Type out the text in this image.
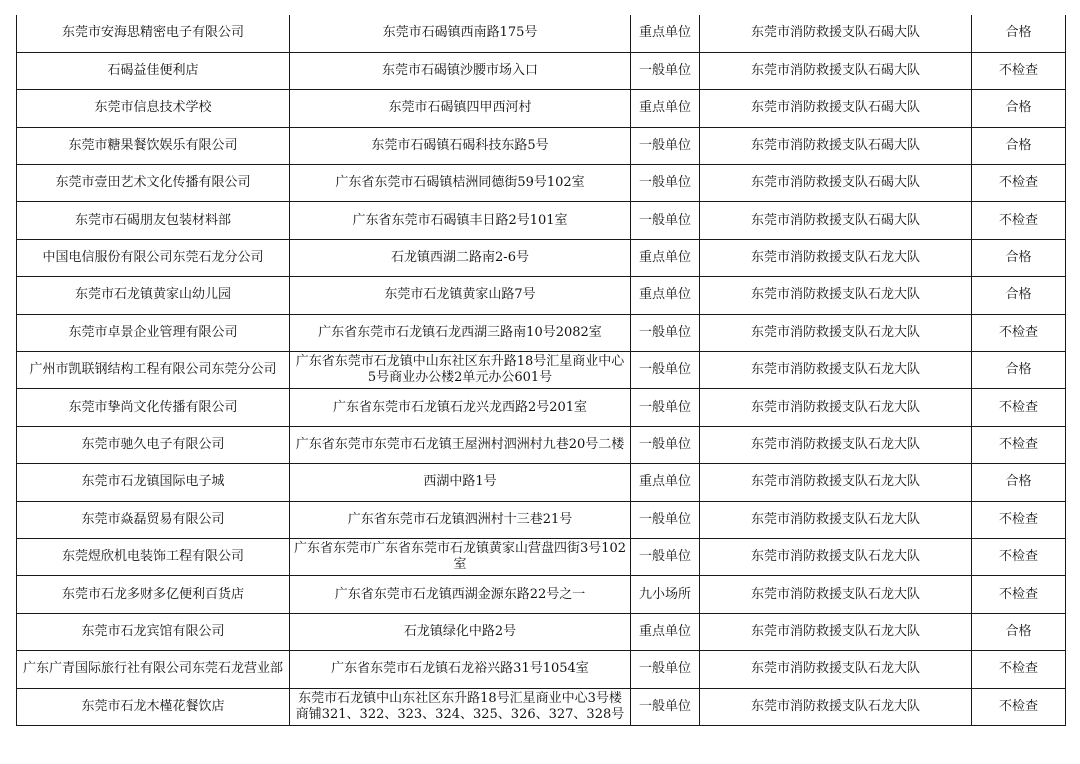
东莞市安海思精密电子有限公司	东莞市石碣镇西南路175号	重点单位	东莞市消防救援支队石碣大队	合格
石碣益佳便利店	东莞市石碣镇沙腰市场入口	一般单位	东莞市消防救援支队石碣大队	不检查
东莞市信息技术学校	东莞市石碣镇四甲西河村	重点单位	东莞市消防救援支队石碣大队	合格
东莞市糖果餐饮娱乐有限公司	东莞市石碣镇石碣科技东路5号	一般单位	东莞市消防救援支队石碣大队	合格
东莞市壹田艺术文化传播有限公司	广东省东莞市石碣镇桔洲同德街59号102室	一般单位	东莞市消防救援支队石碣大队	不检查
东莞市石碣朋友包装材料部	广东省东莞市石碣镇丰日路2号101室	一般单位	东莞市消防救援支队石碣大队	不检查
中国电信服份有限公司东莞石龙分公司	石龙镇西湖二路南2-6号	重点单位	东莞市消防救援支队石龙大队	合格
东莞市石龙镇黄家山幼儿园	东莞市石龙镇黄家山路7号	重点单位	东莞市消防救援支队石龙大队	合格
东莞市卓景企业管理有限公司	广东省东莞市石龙镇石龙西湖三路南10号2082室	一般单位	东莞市消防救援支队石龙大队	不检查
广州市凯联钢结构工程有限公司东莞分公司	广东省东莞市石龙镇中山东社区东升路18号汇星商业中心5号商业办公楼2单元办公601号	一般单位	东莞市消防救援支队石龙大队	合格
东莞市挚尚文化传播有限公司	广东省东莞市石龙镇石龙兴龙西路2号201室	一般单位	东莞市消防救援支队石龙大队	不检查
东莞市驰久电子有限公司	广东省东莞市东莞市石龙镇王屋洲村泗洲村九巷20号二楼	一般单位	东莞市消防救援支队石龙大队	不检查
东莞市石龙镇国际电子城	西湖中路1号	重点单位	东莞市消防救援支队石龙大队	合格
东莞市焱磊贸易有限公司	广东省东莞市石龙镇泗洲村十三巷21号	一般单位	东莞市消防救援支队石龙大队	不检查
东莞煜欣机电装饰工程有限公司	广东省东莞市广东省东莞市石龙镇黄家山营盘四街3号102室	一般单位	东莞市消防救援支队石龙大队	不检查
东莞市石龙多财多亿便利百货店	广东省东莞市石龙镇西湖金源东路22号之一	九小场所	东莞市消防救援支队石龙大队	不检查
东莞市石龙宾馆有限公司	石龙镇绿化中路2号	重点单位	东莞市消防救援支队石龙大队	合格
广东广青国际旅行社有限公司东莞石龙营业部	广东省东莞市石龙镇石龙裕兴路31号1054室	一般单位	东莞市消防救援支队石龙大队	不检查
东莞市石龙木槿花餐饮店	东莞市石龙镇中山东社区东升路18号汇星商业中心3号楼商铺321、322、323、324、325、326、327、328号	一般单位	东莞市消防救援支队石龙大队	不检查
